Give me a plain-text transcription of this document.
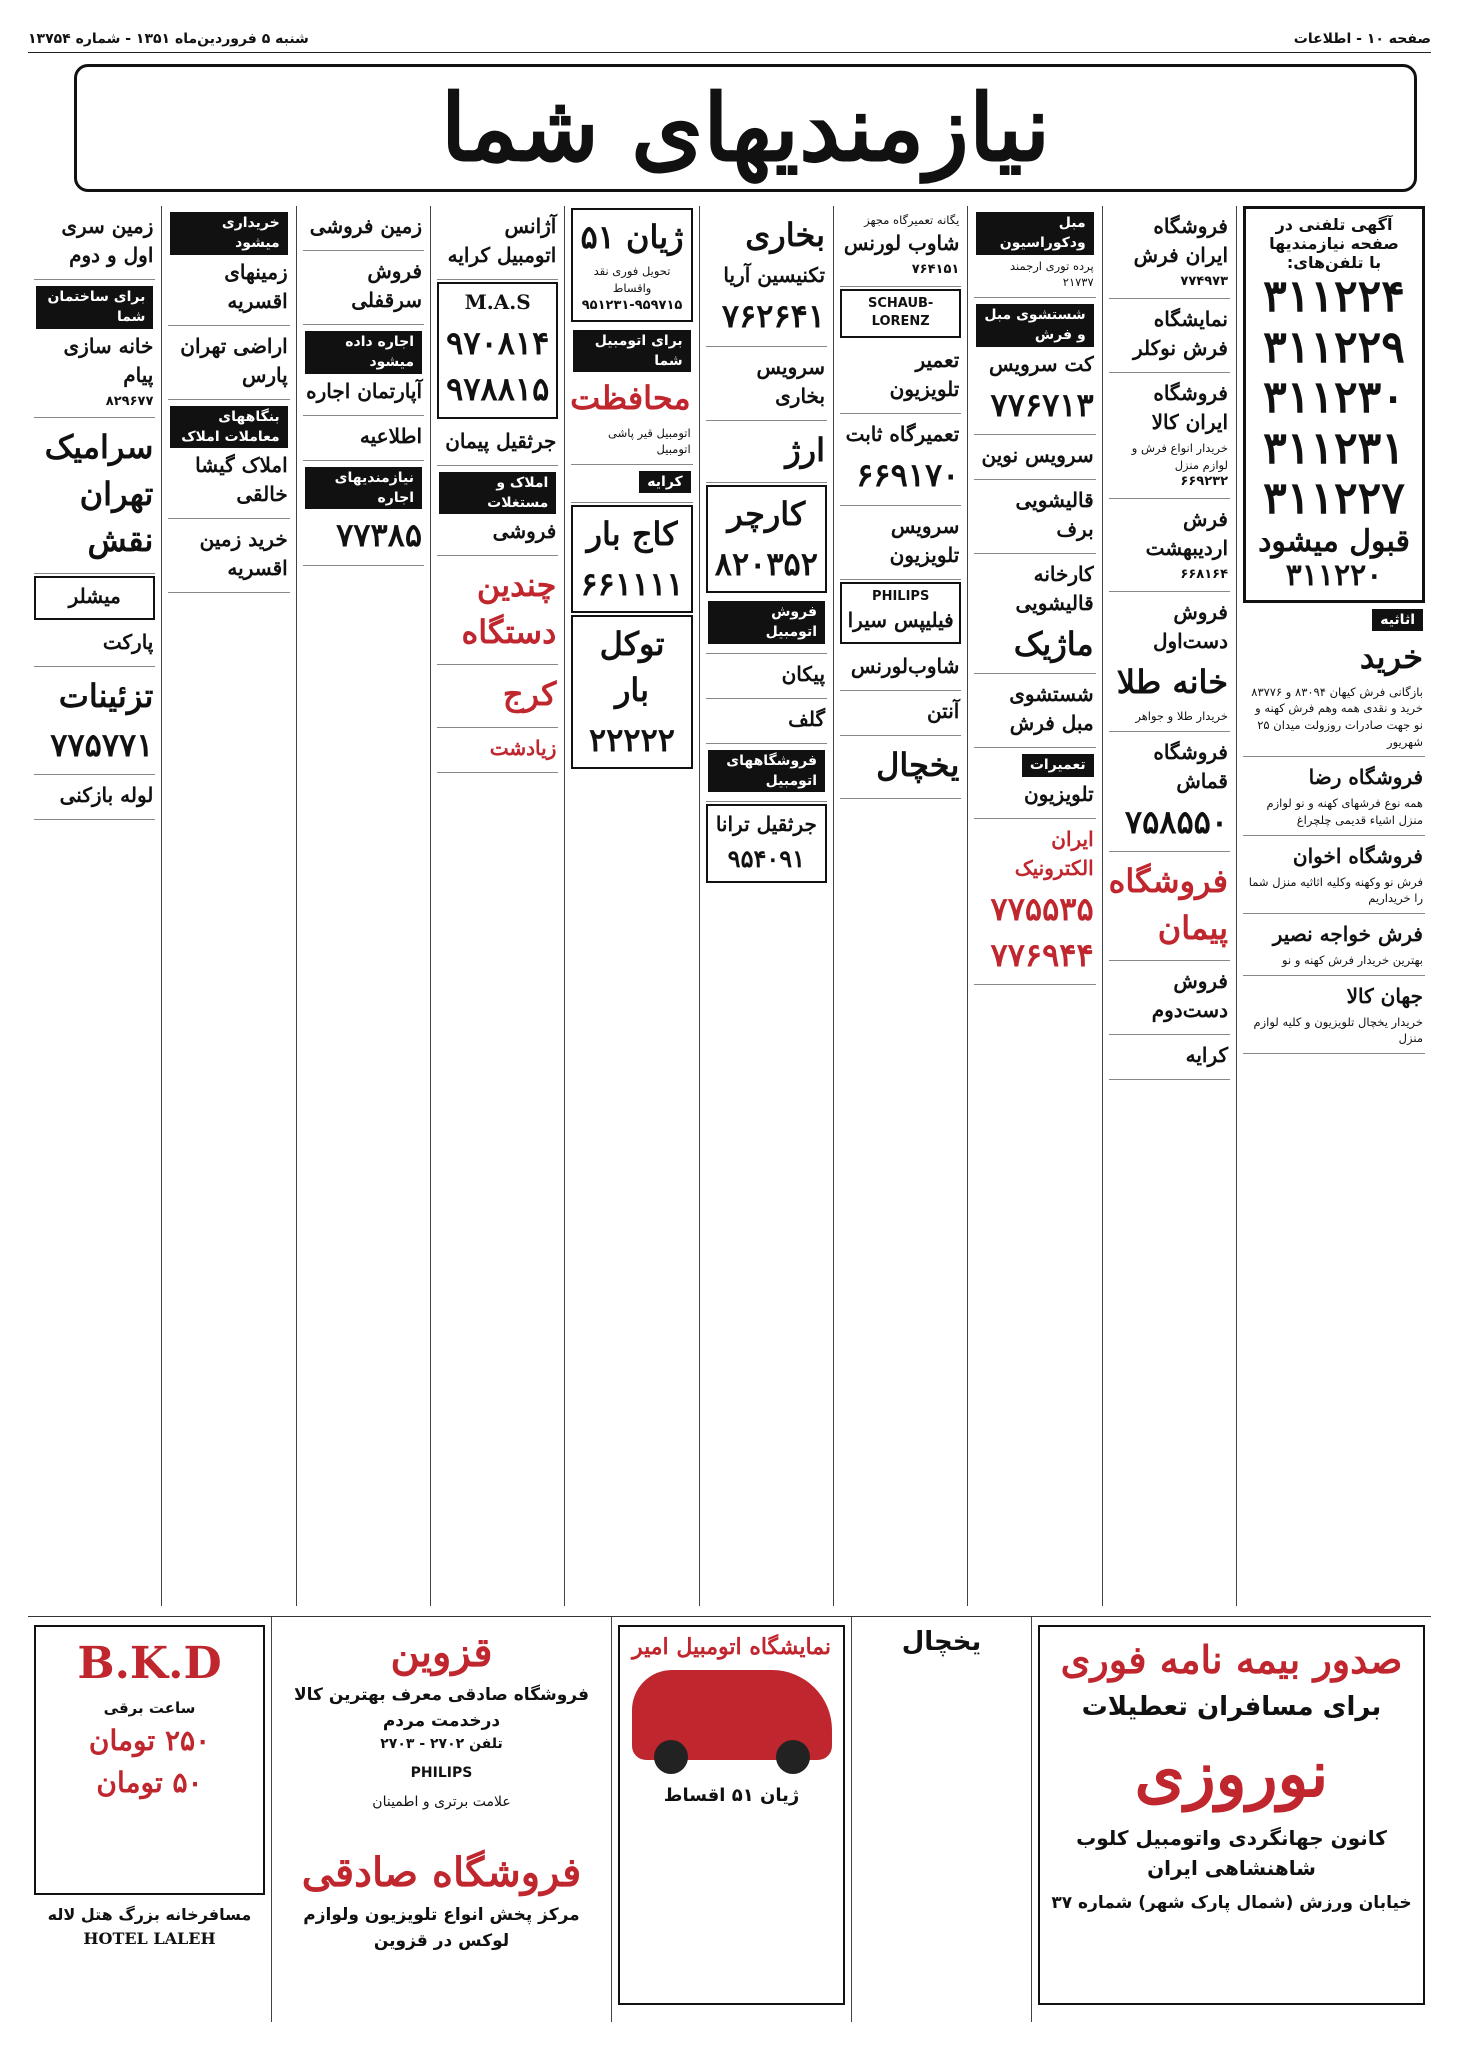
صفحه ۱۰ - اطلاعات
شنبه ۵ فروردین‌ماه ۱۳۵۱ - شماره ۱۳۷۵۴
نیازمندیهای شما
آگهی تلفنی در صفحه نیازمندیها
با تلفن‌های:
۳۱۱۲۲۴
۳۱۱۲۲۹
۳۱۱۲۳۰
۳۱۱۲۳۱
۳۱۱۲۲۷
قبول میشود ۳۱۱۲۲۰
اثاثیه
خرید
بازگانی فرش کیهان ۸۳۰۹۴ و ۸۳۷۷۶
خرید و نقدی همه وهم فرش کهنه و نو جهت صادرات روزولت میدان ۲۵ شهریور
فروشگاه رضا
همه نوع فرشهای کهنه و نو لوازم منزل اشیاء قدیمی چلچراغ
فروشگاه اخوان
فرش نو وکهنه وکلیه اثاثیه منزل شما را خریداریم
فرش خواجه نصیر
بهترین خریدار فرش کهنه و نو
جهان کالا
خریدار یخچال تلویزیون و کلیه لوازم منزل
فروشگاه ایران فرش
۷۷۴۹۷۳
نمایشگاه فرش نوکلر
فروشگاه ایران کالا
خریدار انواع فرش و لوازم منزل
۶۶۹۲۳۲
فرش اردیبهشت
۶۶۸۱۶۴
فروش دست‌اول
خانه طلا
خریدار طلا و جواهر
فروشگاه قماش
۷۵۸۵۵۰
فروشگاه پیمان
فروش دست‌دوم
کرایه
مبل ودکوراسیون
پرده توری ارجمند ۲۱۷۳۷
شستشوی مبل و فرش
کت سرویس
۷۷۶۷۱۳
سرویس نوین
قالیشویی برف
کارخانه قالیشویی
ماژیک
شستشوی مبل فرش
تعمیرات
تلویزیون
ایران الکترونیک
۷۷۵۵۳۵
۷۷۶۹۴۴
یگانه تعمیرگاه مجهز
شاوب لورنس
۷۶۴۱۵۱
SCHAUB-LORENZ
تعمیر تلویزیون
تعمیرگاه ثابت
۶۶۹۱۷۰
سرویس تلویزیون
PHILIPS
فیلیپس سیرا
شاوب‌لورنس
آنتن
یخچال
بخاری
تکنیسین آریا
۷۶۲۶۴۱
سرویس بخاری
ارژ
کارچر
۸۲۰۳۵۲
فروش اتومبیل
پیکان
گلف
فروشگاههای اتومبیل
جرثقیل ترانا
۹۵۴۰۹۱
ژیان ۵۱
تحویل فوری نقد واقساط
۹۵۱۲۳۱-۹۵۹۷۱۵
برای اتومبیل شما
محافظت
اتومبیل قیر پاشی اتومبیل
کرایه
کاج بار
۶۶۱۱۱۱
توکل بار
۲۲۲۲۲
آژانس اتومبیل کرایه
M.A.S
۹۷۰۸۱۴
۹۷۸۸۱۵
جرثقیل پیمان
املاک و مستغلات
فروشی
چندین دستگاه
کرج
زیادشت
زمین فروشی
فروش سرقفلی
اجاره داده میشود
آپارتمان اجاره
اطلاعیه
نیازمندیهای اجاره
۷۷۳۸۵
خریداری میشود
زمینهای اقسریه
اراضی تهران پارس
بنگاههای معاملات املاک
املاک گیشا خالقی
خرید زمین اقسریه
زمین سری اول و دوم
برای ساختمان شما
خانه سازی پیام
۸۲۹۶۷۷
سرامیک تهران نقش
میشلر
پارکت
تزئینات
۷۷۵۷۷۱
لوله بازکنی
صدور بیمه نامه فوری
برای مسافران تعطیلات
نوروزی
کانون جهانگردی واتومبیل کلوب شاهنشاهی ایران
خیابان ورزش (شمال پارک شهر) شماره ۳۷
یخچال
نمایشگاه اتومبیل امیر
ژیان ۵۱ اقساط
قزوین
فروشگاه صادقی معرف بهترین کالا درخدمت مردم
تلفن ۲۷۰۲ - ۲۷۰۳
PHILIPS
علامت برتری و اطمینان
فروشگاه صادقی
مرکز پخش انواع تلویزیون ولوازم لوکس در قزوین
B.K.D
ساعت برقی
۲۵۰ تومان
۵۰ تومان
مسافرخانه بزرگ هتل لاله
HOTEL LALEH
